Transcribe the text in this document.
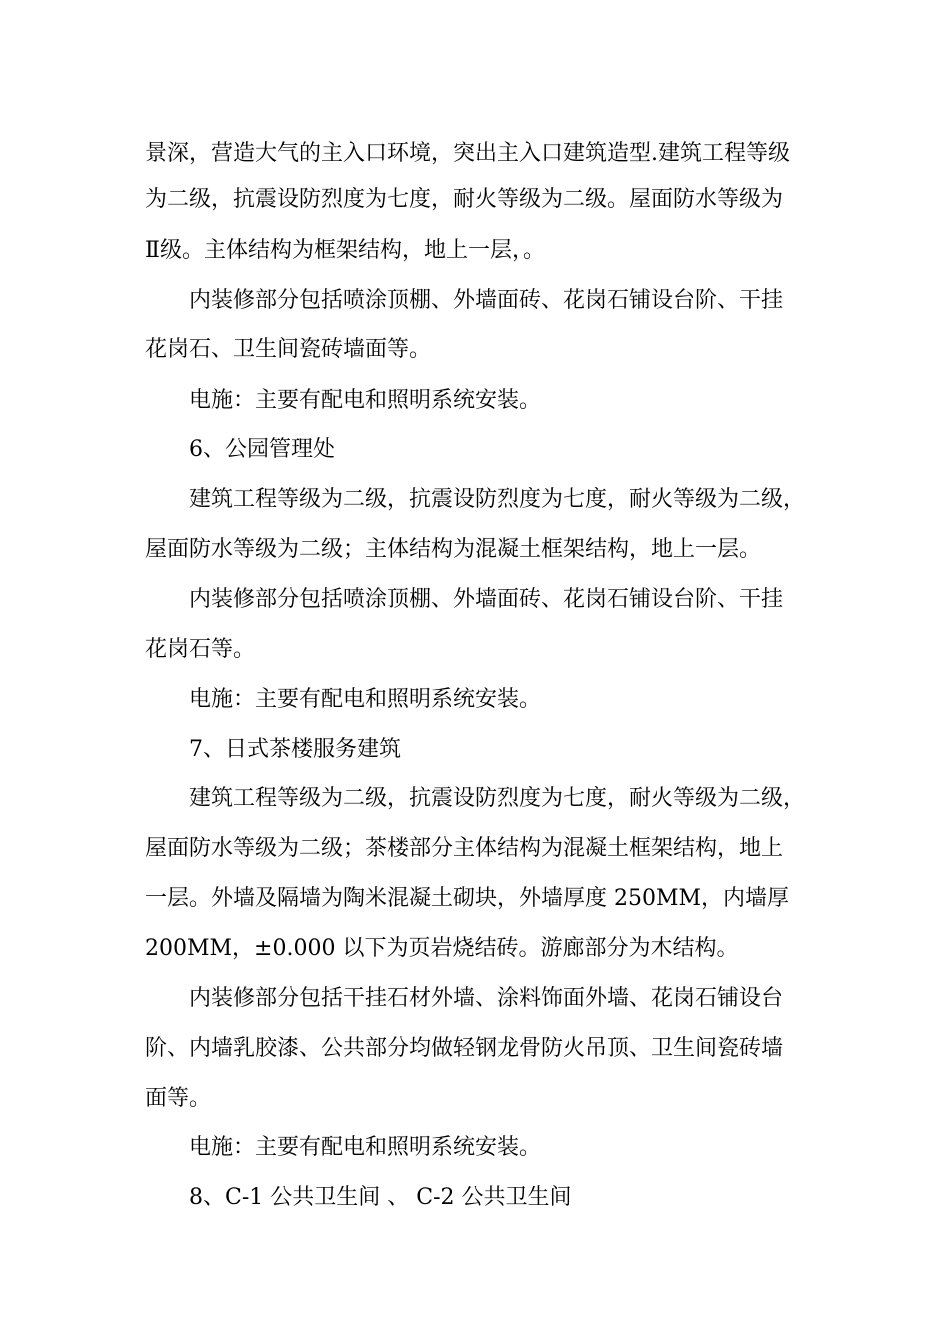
景深，营造大气的主入口环境，突出主入口建筑造型.建筑工程等级
为二级，抗震设防烈度为七度，耐火等级为二级。屋面防水等级为
Ⅱ级。主体结构为框架结构，地上一层，。
内装修部分包括喷涂顶棚、外墙面砖、花岗石铺设台阶、干挂
花岗石、卫生间瓷砖墙面等。
电施：主要有配电和照明系统安装。
6、公园管理处
建筑工程等级为二级，抗震设防烈度为七度，耐火等级为二级，
屋面防水等级为二级；主体结构为混凝土框架结构，地上一层。
内装修部分包括喷涂顶棚、外墙面砖、花岗石铺设台阶、干挂
花岗石等。
电施：主要有配电和照明系统安装。
7、日式茶楼服务建筑
建筑工程等级为二级，抗震设防烈度为七度，耐火等级为二级，
屋面防水等级为二级；茶楼部分主体结构为混凝土框架结构，地上
一层。外墙及隔墙为陶米混凝土砌块，外墙厚度 250MM，内墙厚
200MM，±0.000 以下为页岩烧结砖。游廊部分为木结构。
内装修部分包括干挂石材外墙、涂料饰面外墙、花岗石铺设台
阶、内墙乳胶漆、公共部分均做轻钢龙骨防火吊顶、卫生间瓷砖墙
面等。
电施：主要有配电和照明系统安装。
8、C-1 公共卫生间 、 C-2 公共卫生间
